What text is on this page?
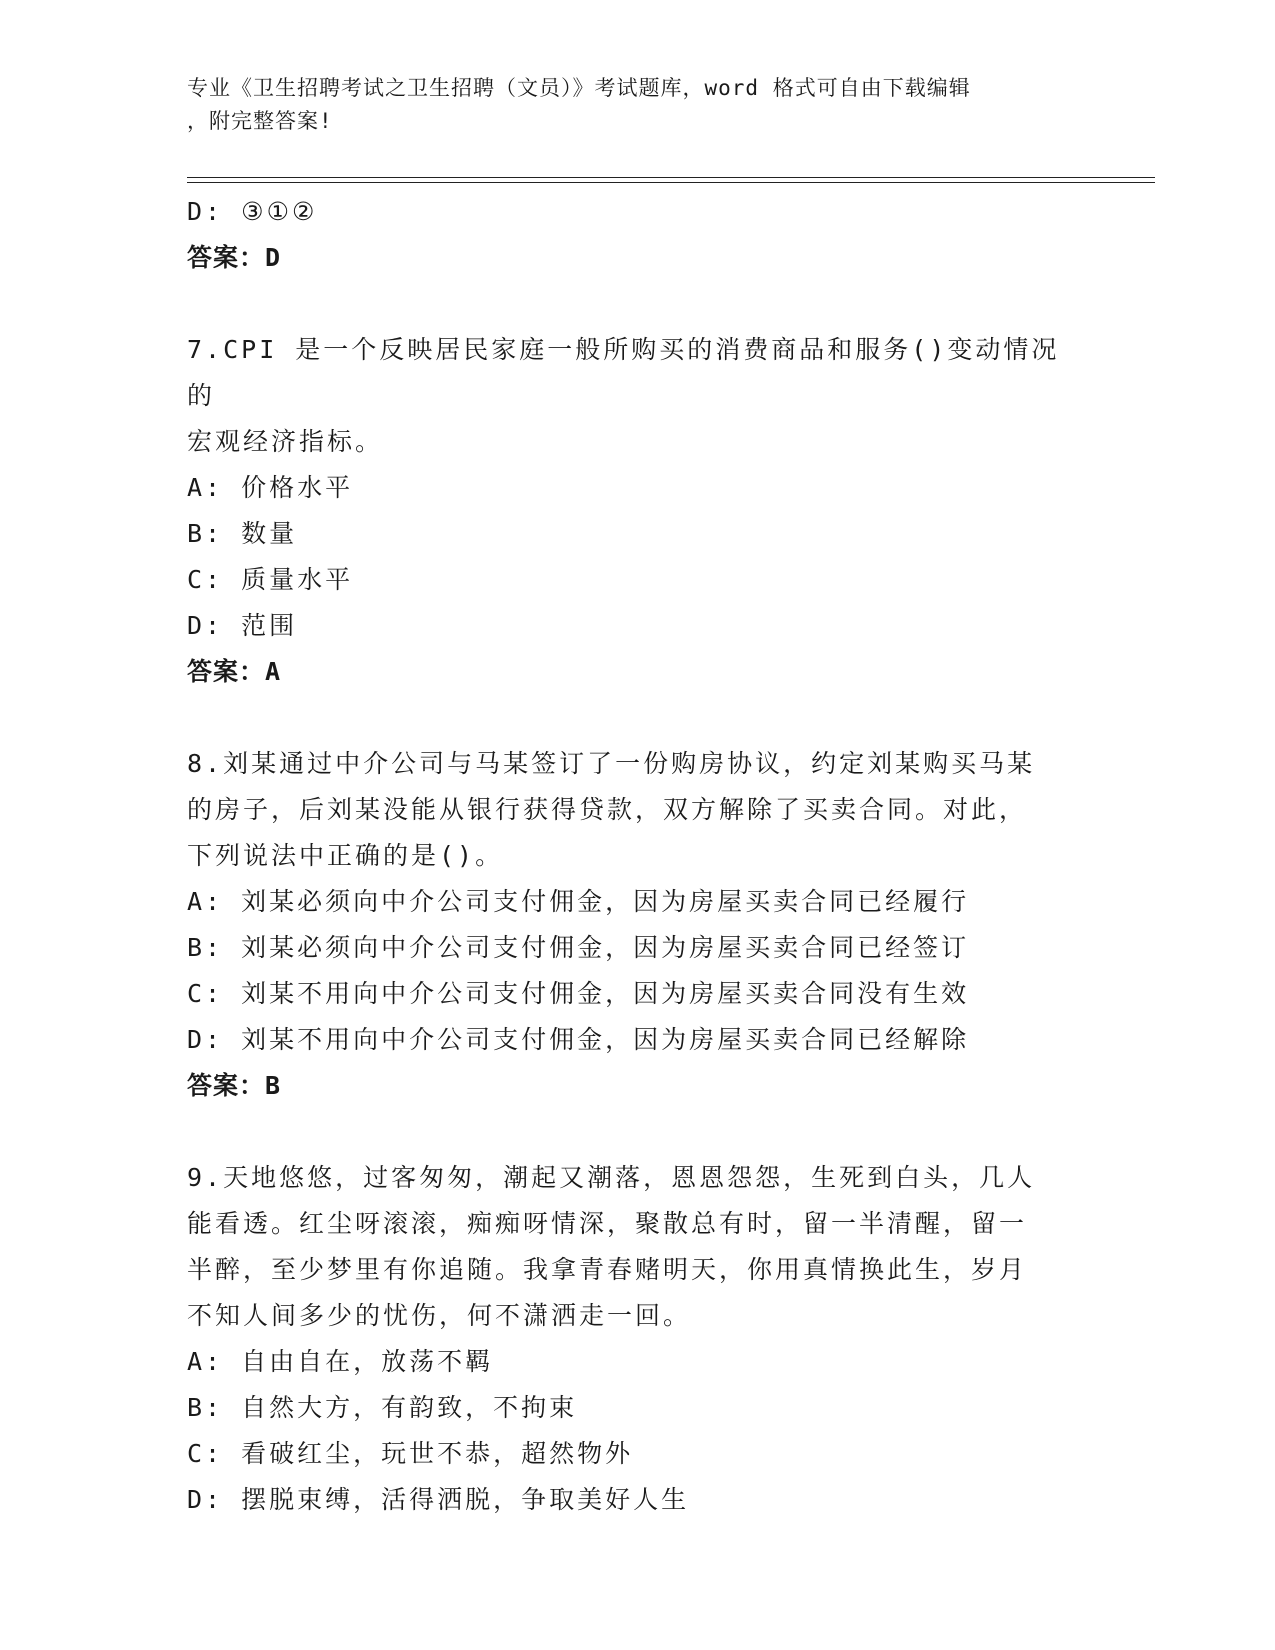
专业《卫生招聘考试之卫生招聘（文员）》考试题库，word 格式可自由下载编辑
，附完整答案!
D: ③①②
答案：D
7.CPI 是一个反映居民家庭一般所购买的消费商品和服务()变动情况的
宏观经济指标。
A: 价格水平
B: 数量
C: 质量水平
D: 范围
答案：A
8.刘某通过中介公司与马某签订了一份购房协议，约定刘某购买马某
的房子，后刘某没能从银行获得贷款，双方解除了买卖合同。对此，
下列说法中正确的是()。
A: 刘某必须向中介公司支付佣金，因为房屋买卖合同已经履行
B: 刘某必须向中介公司支付佣金，因为房屋买卖合同已经签订
C: 刘某不用向中介公司支付佣金，因为房屋买卖合同没有生效
D: 刘某不用向中介公司支付佣金，因为房屋买卖合同已经解除
答案：B
9.天地悠悠，过客匆匆，潮起又潮落，恩恩怨怨，生死到白头，几人
能看透。红尘呀滚滚，痴痴呀情深，聚散总有时，留一半清醒，留一
半醉，至少梦里有你追随。我拿青春赌明天，你用真情换此生，岁月
不知人间多少的忧伤，何不潇洒走一回。
A: 自由自在，放荡不羁
B: 自然大方，有韵致，不拘束
C: 看破红尘，玩世不恭，超然物外
D: 摆脱束缚，活得洒脱，争取美好人生
